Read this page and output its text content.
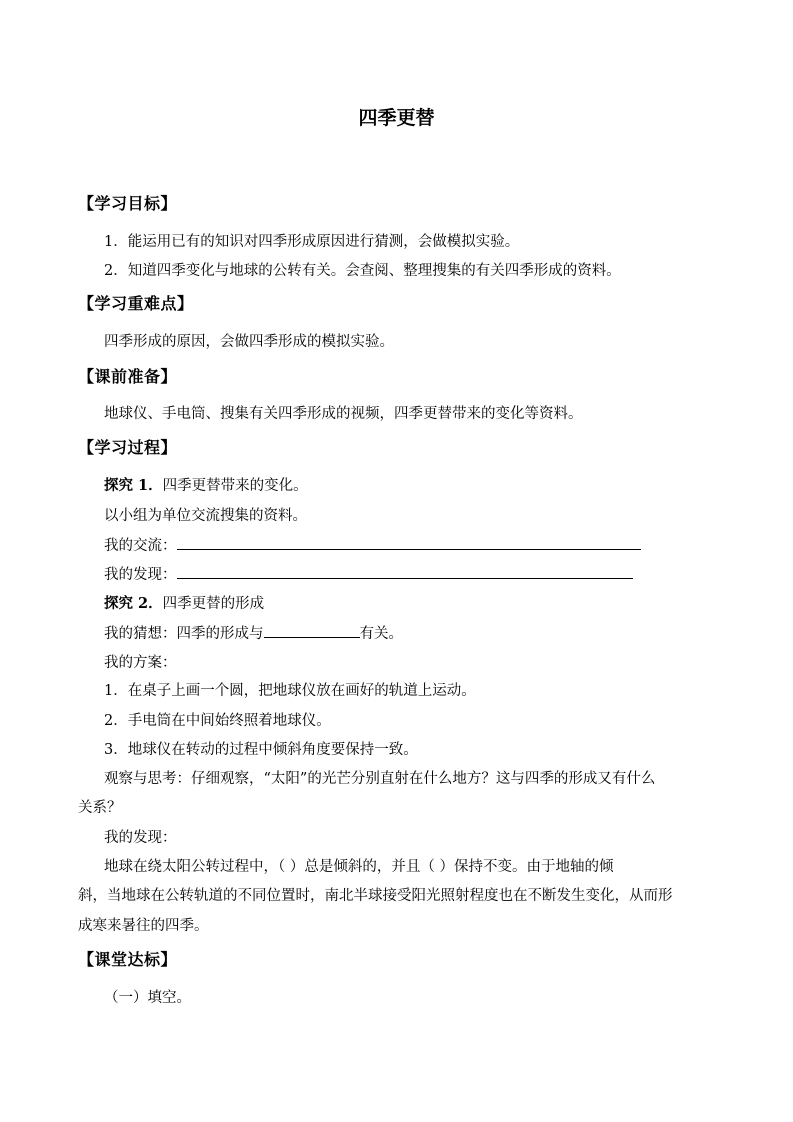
四季更替
【学习目标】
1．能运用已有的知识对四季形成原因进行猜测，会做模拟实验。
2．知道四季变化与地球的公转有关。会查阅、整理搜集的有关四季形成的资料。
【学习重难点】
四季形成的原因，会做四季形成的模拟实验。
【课前准备】
地球仪、手电筒、搜集有关四季形成的视频，四季更替带来的变化等资料。
【学习过程】
探究 1．四季更替带来的变化。
以小组为单位交流搜集的资料。
我的交流：
我的发现：
探究 2．四季更替的形成
我的猜想：四季的形成与	有关。
我的方案：
1．在桌子上画一个圆，把地球仪放在画好的轨道上运动。
2．手电筒在中间始终照着地球仪。
3．地球仪在转动的过程中倾斜角度要保持一致。
观察与思考：仔细观察，“太阳”的光芒分别直射在什么地方？这与四季的形成又有什么
关系？
我的发现：
地球在绕太阳公转过程中，（ ）总是倾斜的，并且（ ）保持不变。由于地轴的倾
斜，当地球在公转轨道的不同位置时，南北半球接受阳光照射程度也在不断发生变化，从而形
成寒来暑往的四季。
【课堂达标】
（一）填空。
